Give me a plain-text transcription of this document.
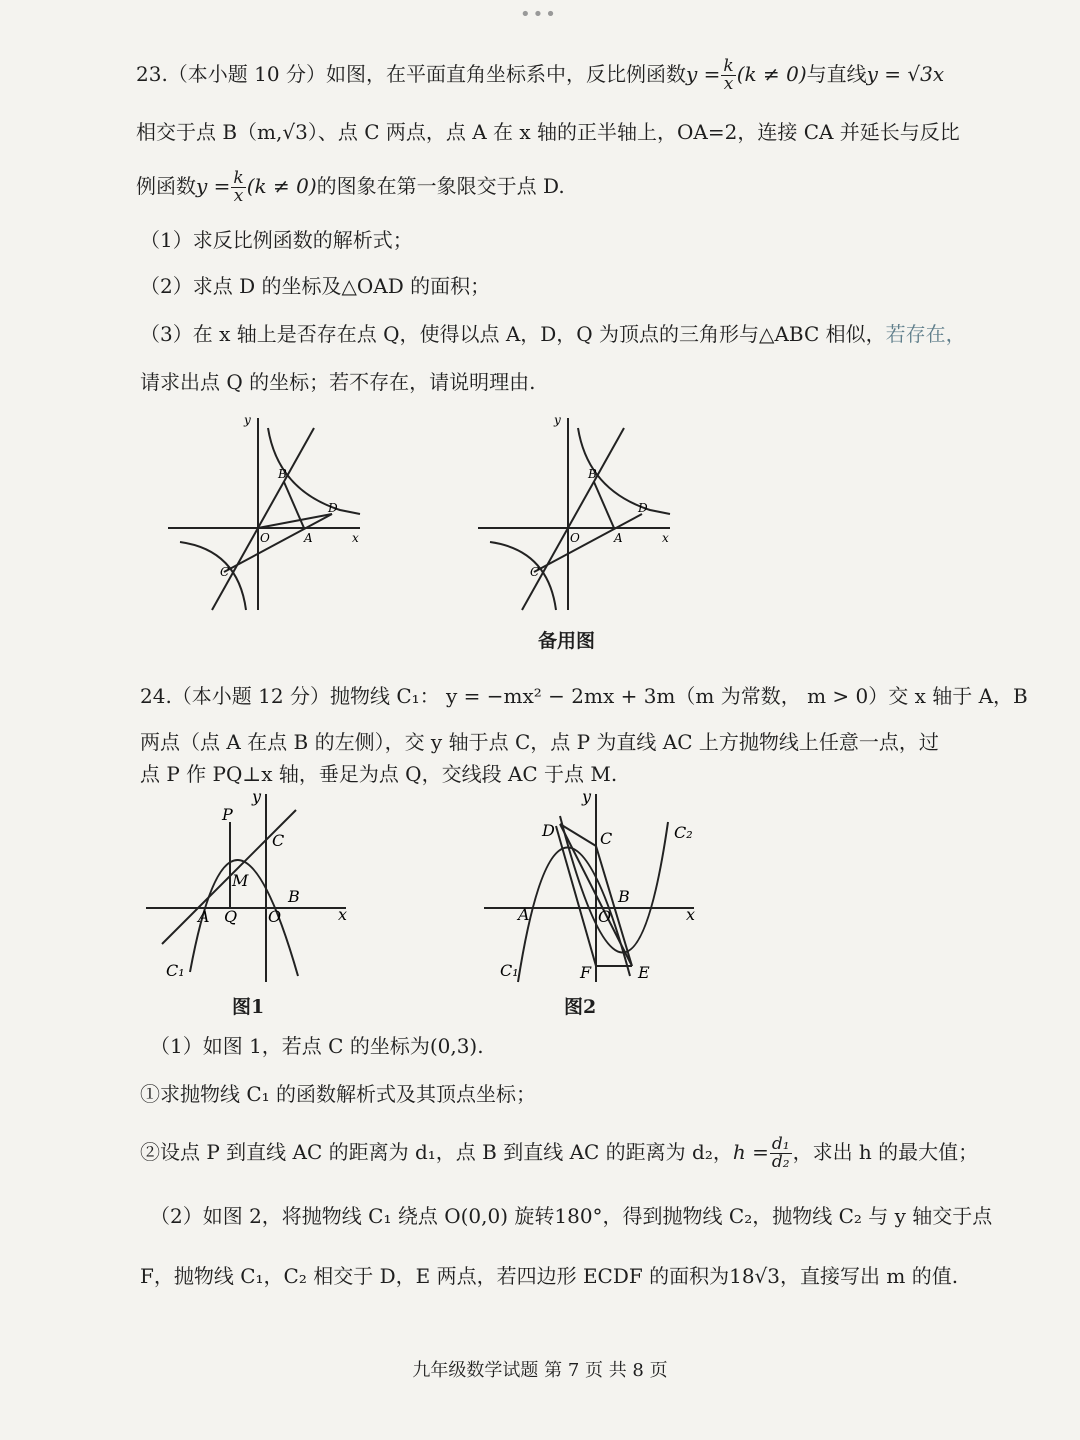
•••
23.（本小题 10 分）如图，在平面直角坐标系中，反比例函数$y = \frac{k}{x} (k \ne 0)$与直线y = √3x
相交于点 B（m,√3）、点 C 两点，点 A 在 x 轴的正半轴上，OA=2，连接 CA 并延长与反比
例函数$y = \frac{k}{x} (k \ne 0)$的图象在第一象限交于点 D.
（1）求反比例函数的解析式；
（2）求点 D 的坐标及△OAD 的面积；
（3）在 x 轴上是否存在点 Q，使得以点 A，D，Q 为顶点的三角形与△ABC 相似，若存在，
请求出点 Q 的坐标；若不存在，请说明理由.
y
x
O	A
B
C
D
y
x
O	A
B
C
D
备用图
24.（本小题 12 分）抛物线 C₁： y = −mx² − 2mx + 3m（m 为常数， m > 0）交 x 轴于 A，B
两点（点 A 在点 B 的左侧），交 y 轴于点 C，点 P 为直线 AC 上方抛物线上任意一点，过
点 P 作 PQ⊥x 轴，垂足为点 Q，交线段 AC 于点 M.
y
x
P
C
M
A Q O
B
C₁
图1
y
x
D	C	C₂
A	O
B
C₁	F	E
图2
（1）如图 1，若点 C 的坐标为(0,3).
①求抛物线 C₁ 的函数解析式及其顶点坐标；
②设点 P 到直线 AC 的距离为 d₁，点 B 到直线 AC 的距离为 d₂，$h = \frac{\text{d₁}}{\text{d₂}}$ ，求出 h 的最大值；
（2）如图 2，将抛物线 C₁ 绕点 O(0,0) 旋转180°，得到抛物线 C₂，抛物线 C₂ 与 y 轴交于点
F，抛物线 C₁，C₂ 相交于 D，E 两点，若四边形 ECDF 的面积为18√3，直接写出 m 的值.
九年级数学试题 第 7 页 共 8 页
